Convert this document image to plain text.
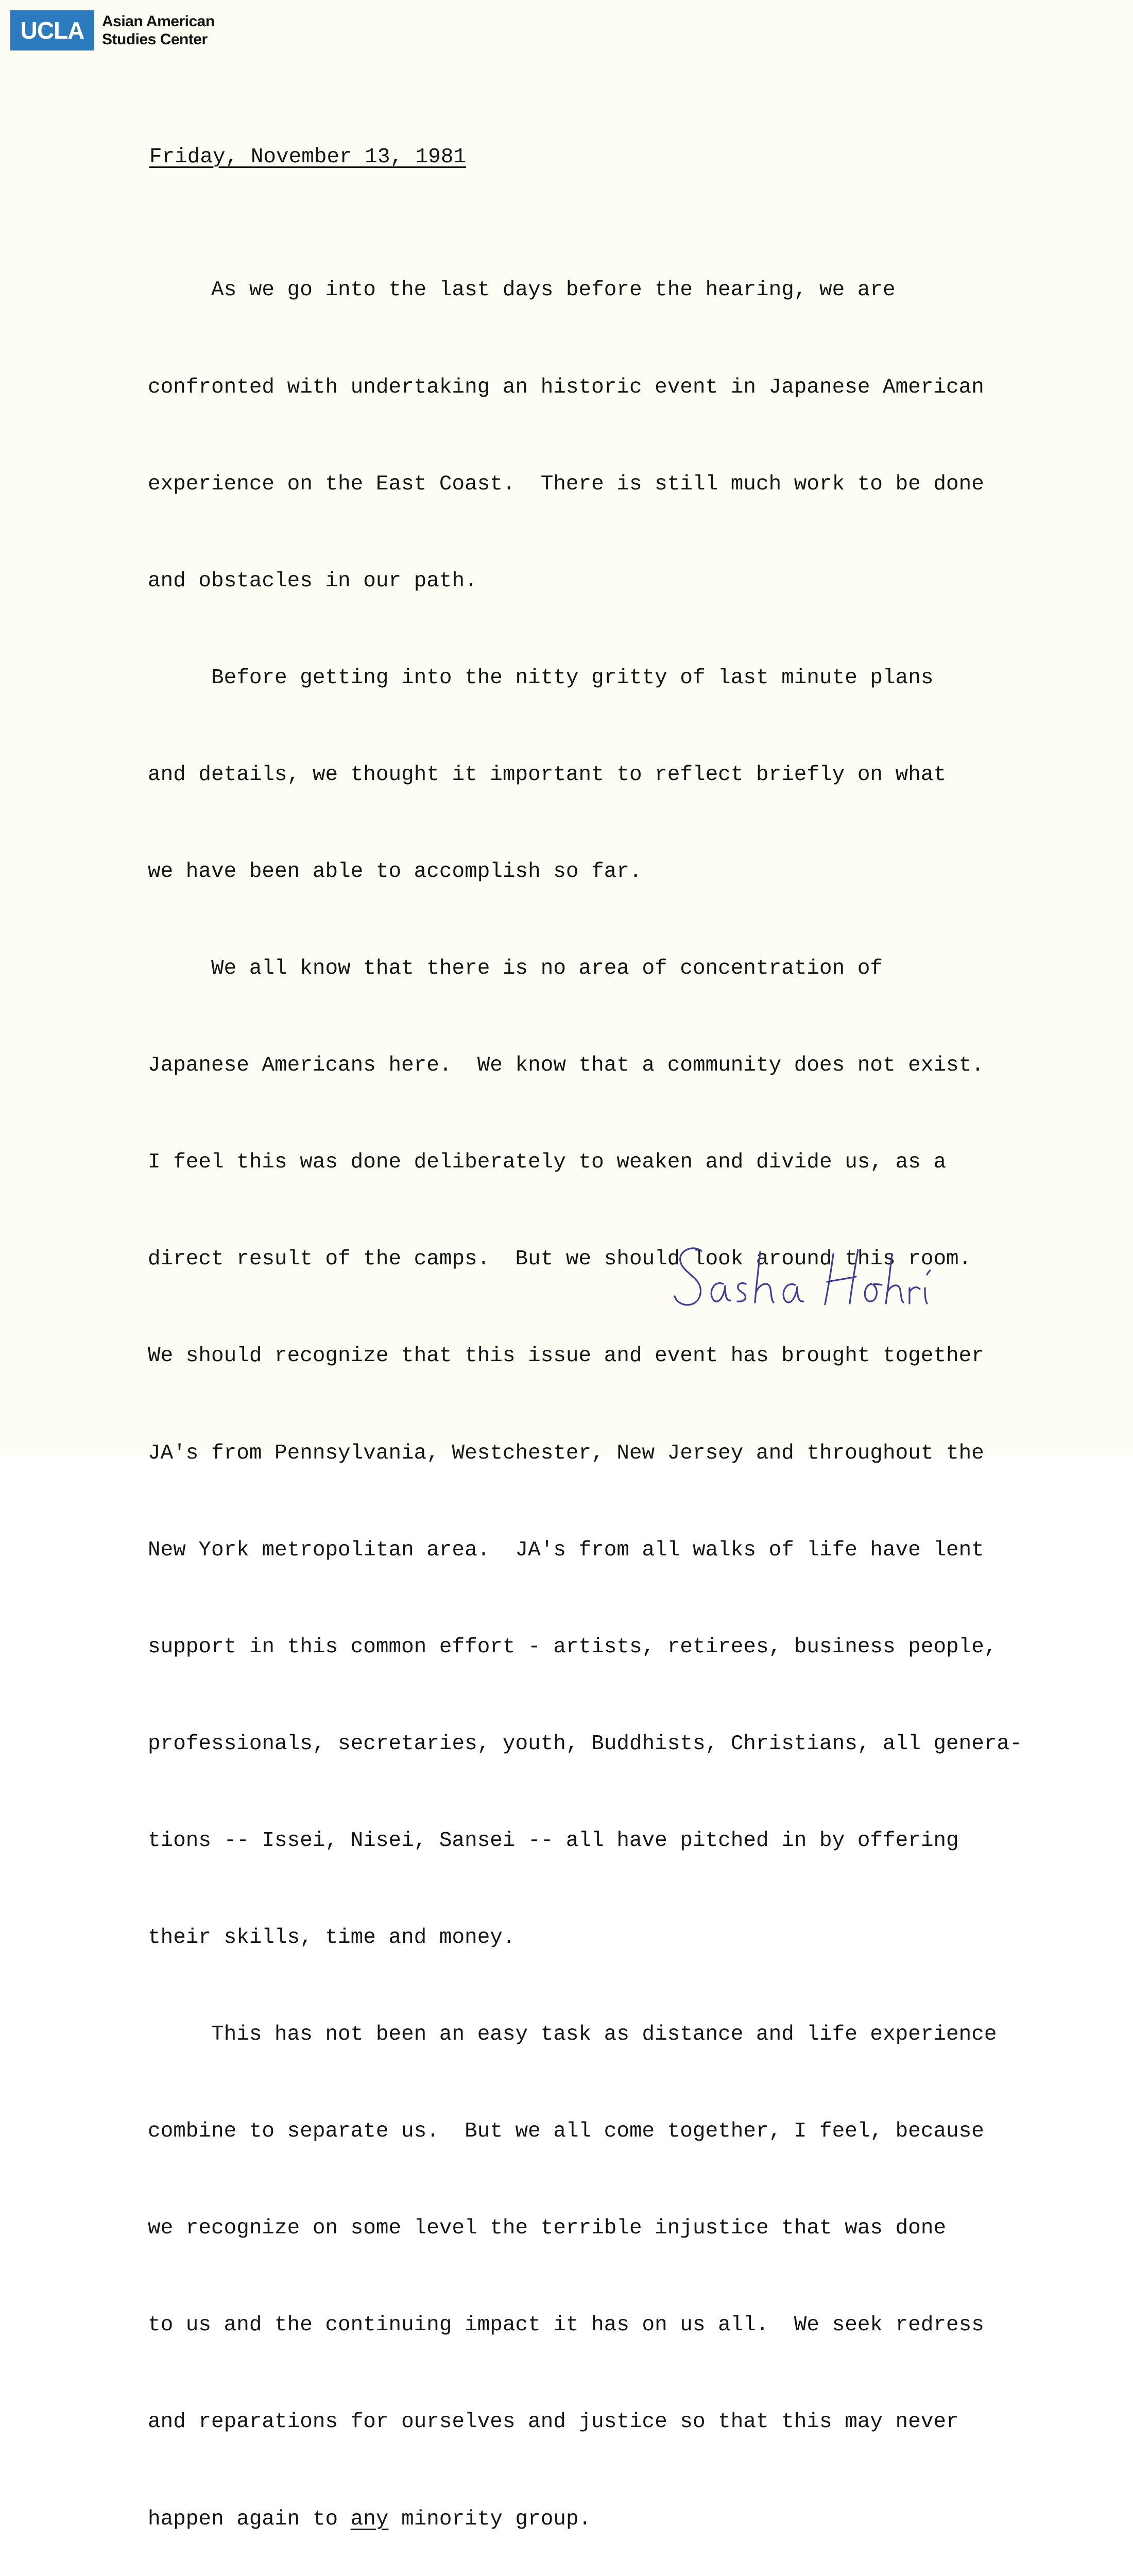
UCLA Asian American
Studies Center
Friday, November 13, 1981

As we go into the last days before the hearing, we are

confronted with undertaking an historic event in Japanese American

experience on the East Coast.  There is still much work to be done

and obstacles in our path.

Before getting into the nitty gritty of last minute plans

and details, we thought it important to reflect briefly on what

we have been able to accomplish so far.

We all know that there is no area of concentration of

Japanese Americans here.  We know that a community does not exist.

I feel this was done deliberately to weaken and divide us, as a

direct result of the camps.  But we should look around this room.

We should recognize that this issue and event has brought together

JA's from Pennsylvania, Westchester, New Jersey and throughout the

New York metropolitan area.  JA's from all walks of life have lent

support in this common effort - artists, retirees, business people,

professionals, secretaries, youth, Buddhists, Christians, all genera-

tions -- Issei, Nisei, Sansei -- all have pitched in by offering

their skills, time and money.

This has not been an easy task as distance and life experience

combine to separate us.  But we all come together, I feel, because

we recognize on some level the terrible injustice that was done

to us and the continuing impact it has on us all.  We seek redress

and reparations for ourselves and justice so that this may never

happen again to any minority group.
